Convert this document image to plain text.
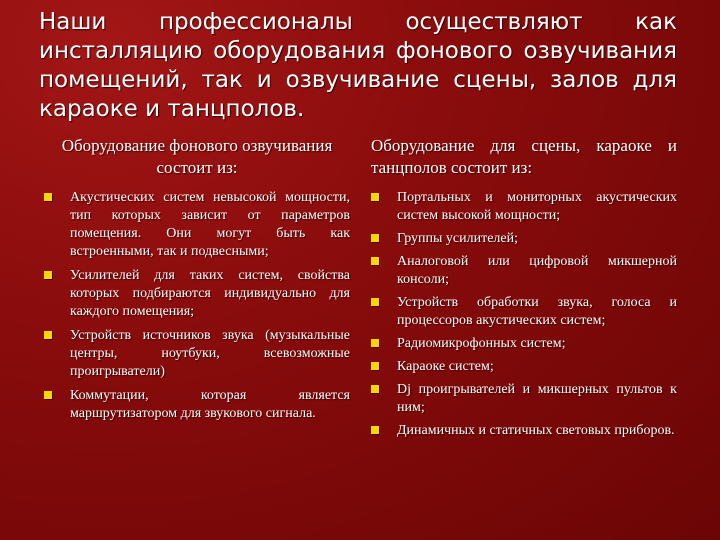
Наши профессионалы осуществляют как инсталляцию оборудования фонового озвучивания помещений, так и озвучивание сцены, залов для караоке и танцполов.
Оборудование фонового озвучивания состоит из:
Акустических систем невысокой мощности, тип которых зависит от параметров помещения. Они могут быть как встроенными, так и подвесными;
Усилителей для таких систем, свойства которых подбираются индивидуально для каждого помещения;
Устройств источников звука (музыкальные центры, ноутбуки, всевозможные проигрыватели)
Коммутации, которая является маршрутизатором для звукового сигнала.
Оборудование для сцены, караоке и танцполов состоит из:
Портальных и мониторных акустических систем высокой мощности;
Группы усилителей;
Аналоговой или цифровой микшерной консоли;
Устройств обработки звука, голоса и процессоров акустических систем;
Радиомикрофонных систем;
Караоке систем;
Dj проигрывателей и микшерных пультов к ним;
Динамичных и статичных световых приборов.
